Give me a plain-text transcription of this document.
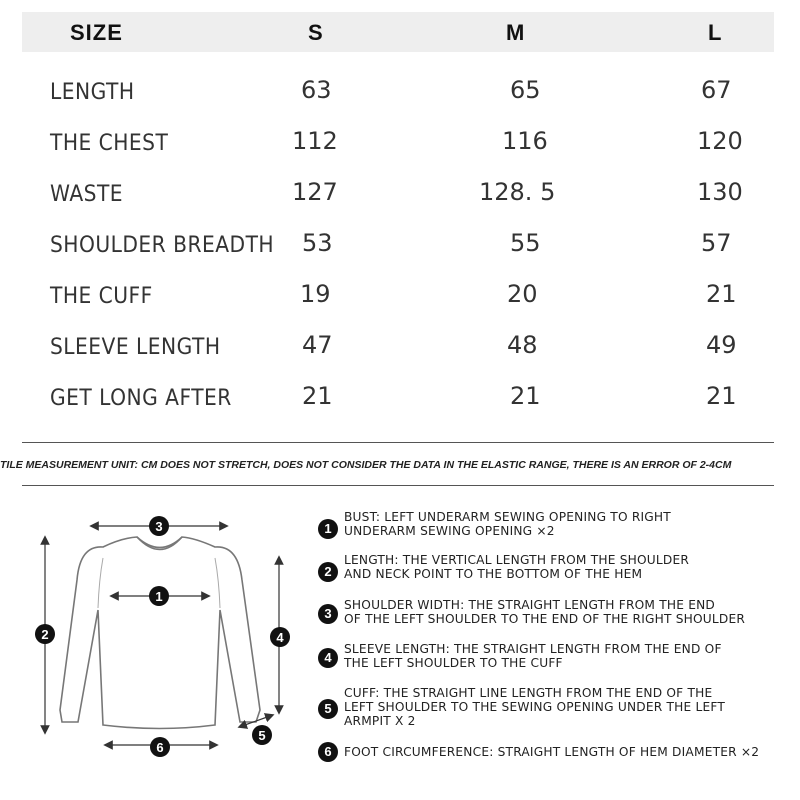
SIZE	S	M	L
LENGTH	63	65	67
THE CHEST	112	116	120
WASTE	127	128. 5	130
SHOULDER BREADTH 53	55	57
THE CUFF	19	20	21
SLEEVE LENGTH	47	48	49
GET LONG AFTER	21	21	21
TILE MEASUREMENT UNIT: CM DOES NOT STRETCH, DOES NOT CONSIDER THE DATA IN THE ELASTIC RANGE, THERE IS AN ERROR OF 2-4CM
3
1
2	4
5
6
1
BUST: LEFT UNDERARM SEWING OPENING TO RIGHT
UNDERARM SEWING OPENING ×2
2
LENGTH: THE VERTICAL LENGTH FROM THE SHOULDER
AND NECK POINT TO THE BOTTOM OF THE HEM
3
SHOULDER WIDTH: THE STRAIGHT LENGTH FROM THE END
OF THE LEFT SHOULDER TO THE END OF THE RIGHT SHOULDER
4
SLEEVE LENGTH: THE STRAIGHT LENGTH FROM THE END OF
THE LEFT SHOULDER TO THE CUFF
5
CUFF: THE STRAIGHT LINE LENGTH FROM THE END OF THE
LEFT SHOULDER TO THE SEWING OPENING UNDER THE LEFT
ARMPIT X 2
6	FOOT CIRCUMFERENCE: STRAIGHT LENGTH OF HEM DIAMETER ×2
